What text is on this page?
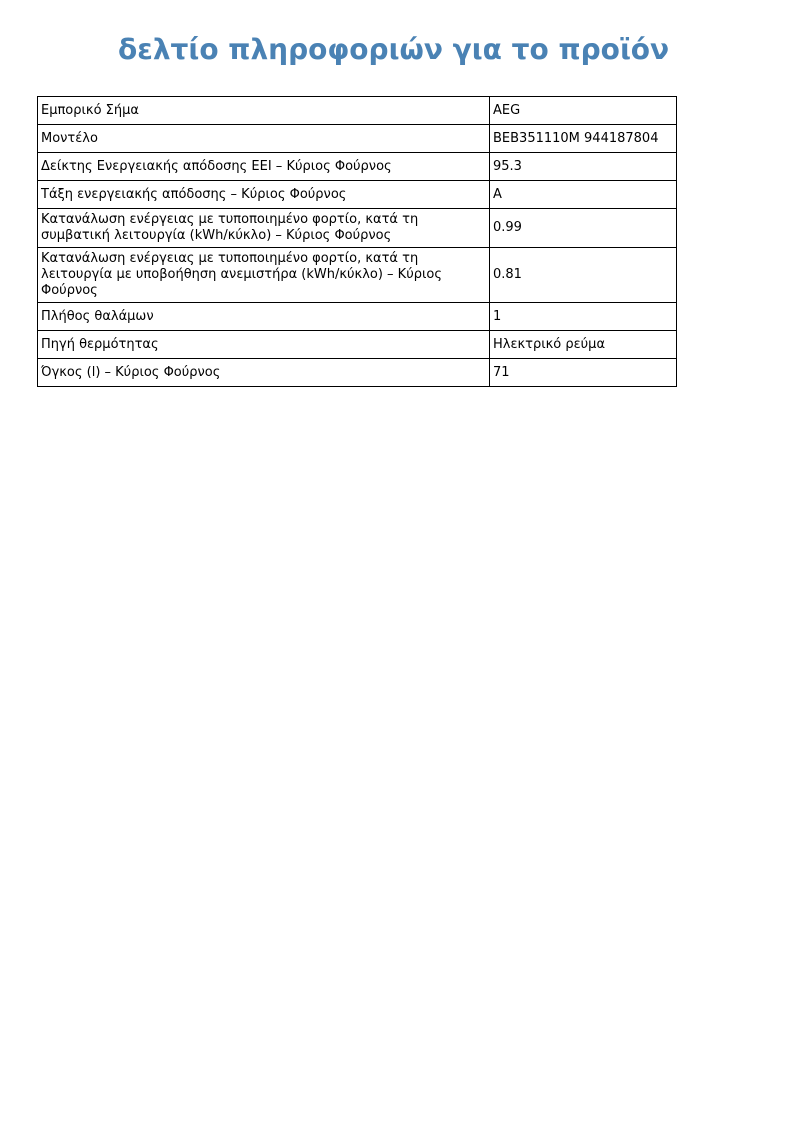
δελτίο πληροφοριών για το προϊόν
Εμπορικό Σήμα	AEG
Μοντέλο	BEB351110M 944187804
Δείκτης Ενεργειακής απόδοσης EEI – Κύριος Φούρνος	95.3
Τάξη ενεργειακής απόδοσης – Κύριος Φούρνος	A
Κατανάλωση ενέργειας με τυποποιημένο φορτίο, κατά τη συμβατική λειτουργία (kWh/κύκλο) – Κύριος Φούρνος	0.99
Κατανάλωση ενέργειας με τυποποιημένο φορτίο, κατά τη λειτουργία με υποβοήθηση ανεμιστήρα (kWh/κύκλο) – Κύριος Φούρνος	0.81
Πλήθος θαλάμων	1
Πηγή θερμότητας	Ηλεκτρικό ρεύμα
Όγκος (l) – Κύριος Φούρνος	71
